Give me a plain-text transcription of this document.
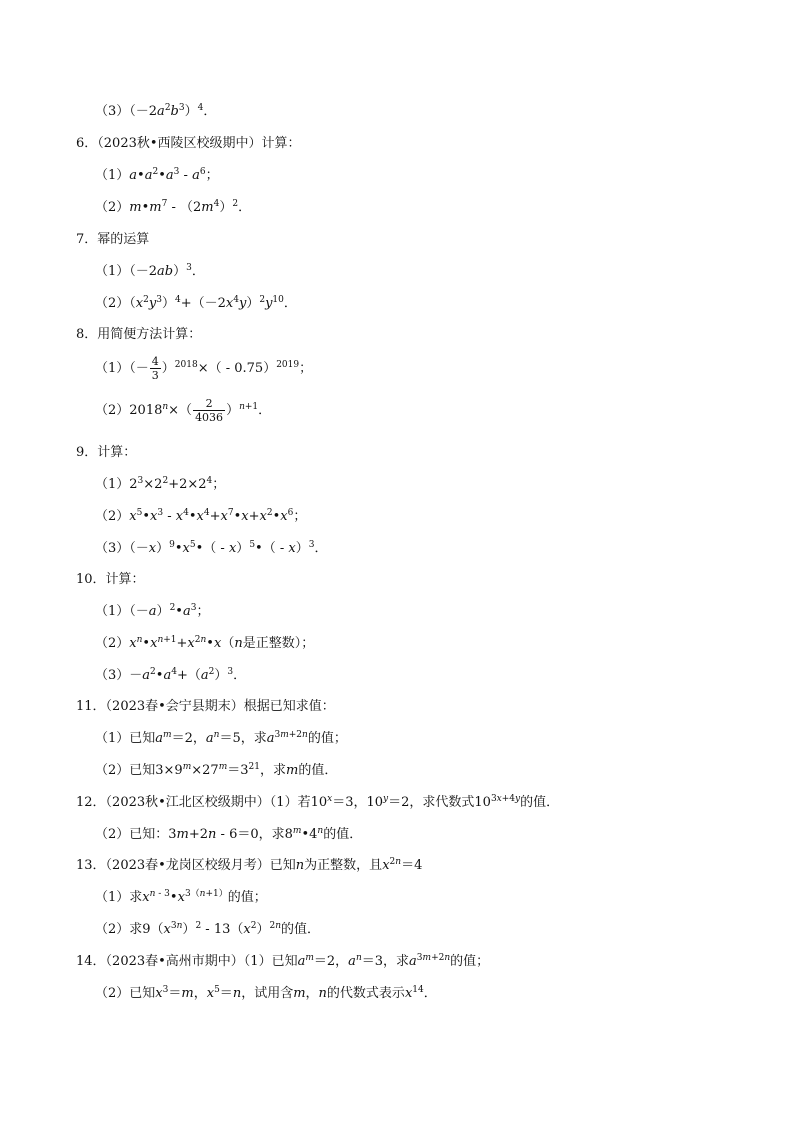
$(3)(-2a^2b^3)^4$．
6．（2023秋•西陵区校级期中）计算：
$(1)a•a^2•a^3 - a^6$；
$(2)m•m^7 - (2m^4)^2$．
7．幂的运算
$(1)(-2ab)^3$．
$(2)(x^2y^3)^4+(-2x^4y)^2y^{10}$．
8．用简便方法计算：
$(1)(- \frac{4}{3} )^{2018}\times( - 0.75)^{2019}$；
$(2)2018^n\times( \frac{2}{4036} )^{n+1}$．
9．计算：
$(1)2^3\times 2^2+2\times 2^4$；
$(2)x^5•x^3$ - $x^4•x^4+x^7•x+x^2•x^6$；
$(3)(-x)^9•x^5•$（ - x）$^5$•（ - x）$^3$．
10．计算：
$(1)(-a)^2•a^3$；
$(2)x^n•x^{n+1}+x^{2n}•x(n$是正整数）；
$(3)-a^2•a^4+(a^2)^3$．
11．（2023春•会宁县期末）根据已知求值：
（1）已知$a^m=2$，$a^n=5$，求$a^{3m+2n}$的值；
（2）已知$3\times 9^m\times 27^m=3^{21}$，求m的值．
12．（2023秋•江北区校级期中）（1）若$10^x=3$，$10^y=2$，求代数式$10^{3x+4y}$的值．
（2）已知：3m+2n - 6＝0，求8$^m$•4$^n$的值．
13．（2023春•龙岗区校级月考）已知n为正整数，且$x^{2n}=4$
（1）求$x^{n - 3}•x^{3(n+1)}$的值；
（2）求$9(x^{3n})^2 - 13(x^2)^{2n}$的值．
14．（2023春•高州市期中）（1）已知$a^m=2$，$a^n=3$，求$a^{3m+2n}$的值；
（2）已知$x^3=m$，$x^5=n$，试用含m，n的代数式表示$x^{14}$．
